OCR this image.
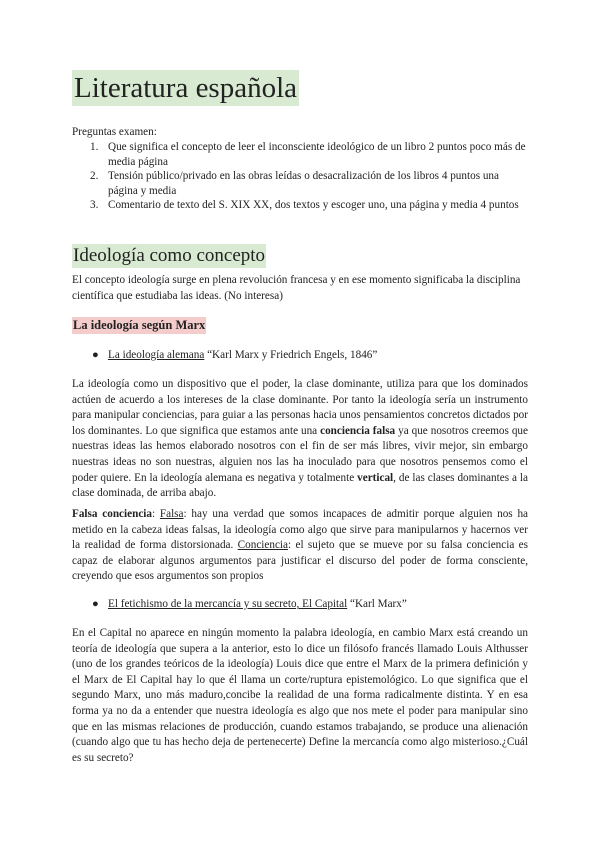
Literatura española
Preguntas examen:
1. Que significa el concepto de leer el inconsciente ideológico de un libro 2 puntos poco más de media página
2. Tensión público/privado en las obras leídas o desacralización de los libros 4 puntos una página y media
3. Comentario de texto del S. XIX XX, dos textos y escoger uno, una página y media 4 puntos
Ideología como concepto
El concepto ideología surge en plena revolución francesa y en ese momento significaba la disciplina científica que estudiaba las ideas. (No interesa)
La ideología según Marx
● La ideología alemana “Karl Marx y Friedrich Engels, 1846”
La ideología como un dispositivo que el poder, la clase dominante, utiliza para que los dominados actúen de acuerdo a los intereses de la clase dominante. Por tanto la ideología sería un instrumento para manipular conciencias, para guiar a las personas hacia unos pensamientos concretos dictados por los dominantes. Lo que significa que estamos ante una conciencia falsa ya que nosotros creemos que nuestras ideas las hemos elaborado nosotros con el fin de ser más libres, vivir mejor, sin embargo nuestras ideas no son nuestras, alguien nos las ha inoculado para que nosotros pensemos como el poder quiere. En la ideología alemana es negativa y totalmente vertical, de las clases dominantes a la clase dominada, de arriba abajo.
Falsa conciencia: Falsa: hay una verdad que somos incapaces de admitir porque alguien nos ha metido en la cabeza ideas falsas, la ideología como algo que sirve para manipularnos y hacernos ver la realidad de forma distorsionada. Conciencia: el sujeto que se mueve por su falsa conciencia es capaz de elaborar algunos argumentos para justificar el discurso del poder de forma consciente, creyendo que esos argumentos son propios
● El fetichismo de la mercancía y su secreto, El Capital “Karl Marx”
En el Capital no aparece en ningún momento la palabra ideología, en cambio Marx está creando un teoría de ideología que supera a la anterior, esto lo dice un filósofo francés llamado Louis Althusser (uno de los grandes teóricos de la ideología) Louis dice que entre el Marx de la primera definición y el Marx de El Capital hay lo que él llama un corte/ruptura epistemológico. Lo que significa que el segundo Marx, uno más maduro,concibe la realidad de una forma radicalmente distinta. Y en esa forma ya no da a entender que nuestra ideología es algo que nos mete el poder para manipular sino que en las mismas relaciones de producción, cuando estamos trabajando, se produce una alienación (cuando algo que tu has hecho deja de pertenecerte) Define la mercancía como algo misterioso.¿Cuál es su secreto?
